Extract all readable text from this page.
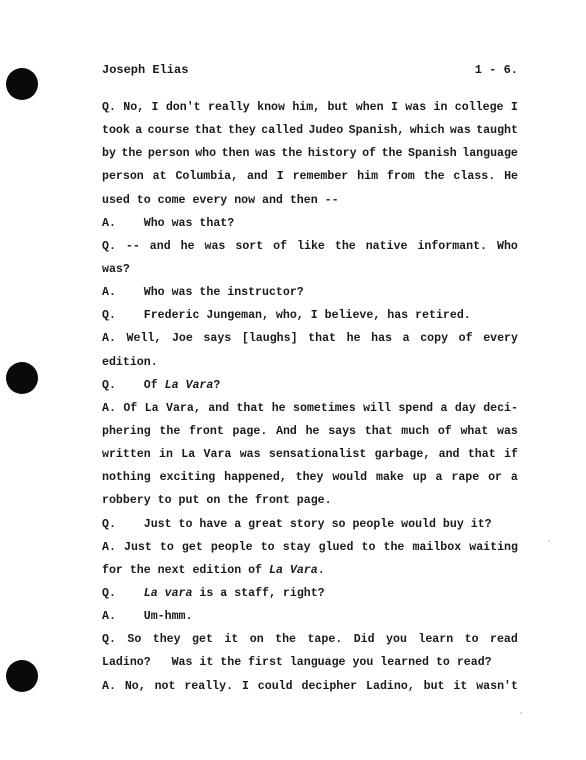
Joseph Elias	1 - 6.
Q. No, I don't really know him, but when I was in college I
took a course that they called Judeo Spanish, which was taught
by the person who then was the history of the Spanish language
person at Columbia, and I remember him from the class. He
used to come every now and then --
A.    Who was that?
Q. -- and he was sort of like the native informant. Who
was?
A.    Who was the instructor?
Q.    Frederic Jungeman, who, I believe, has retired.
A. Well, Joe says [laughs] that he has a copy of every
edition.
Q.    Of La Vara?
A. Of La Vara, and that he sometimes will spend a day deci-
phering the front page. And he says that much of what was
written in La Vara was sensationalist garbage, and that if
nothing exciting happened, they would make up a rape or a
robbery to put on the front page.
Q.    Just to have a great story so people would buy it?
A. Just to get people to stay glued to the mailbox waiting
for the next edition of La Vara.
Q.    La vara is a staff, right?
A.    Um-hmm.
Q. So they get it on the tape. Did you learn to read
Ladino?   Was it the first language you learned to read?
A. No, not really. I could decipher Ladino, but it wasn't
